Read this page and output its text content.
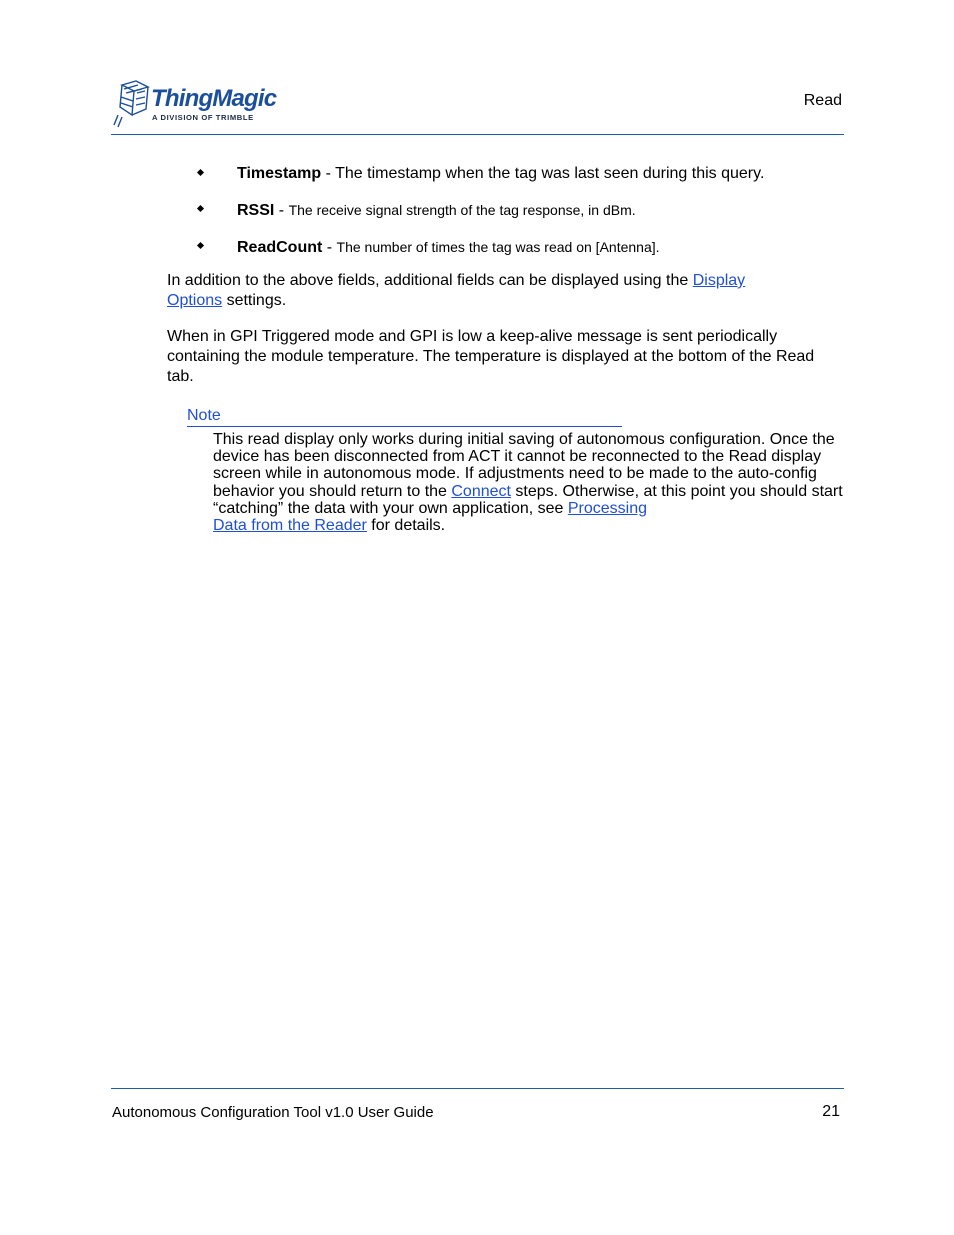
ThingMagic
A DIVISION OF TRIMBLE
Read
Timestamp - The timestamp when the tag was last seen during this query.
RSSI - The receive signal strength of the tag response, in dBm.
ReadCount - The number of times the tag was read on [Antenna].

In addition to the above fields, additional fields can be displayed using the Display
Options settings.

When in GPI Triggered mode and GPI is low a keep-alive message is sent periodically containing the module temperature. The temperature is displayed at the bottom of the Read tab.

Note

This read display only works during initial saving of autonomous configuration. Once the device has been disconnected from ACT it cannot be reconnected to the Read display screen while in autonomous mode. If adjustments need to be made to the auto-config behavior you should return to the Connect steps. Otherwise, at this point you should start “catching” the data with your own application, see Processing
Data from the Reader for details.

Autonomous Configuration Tool v1.0 User Guide	21
